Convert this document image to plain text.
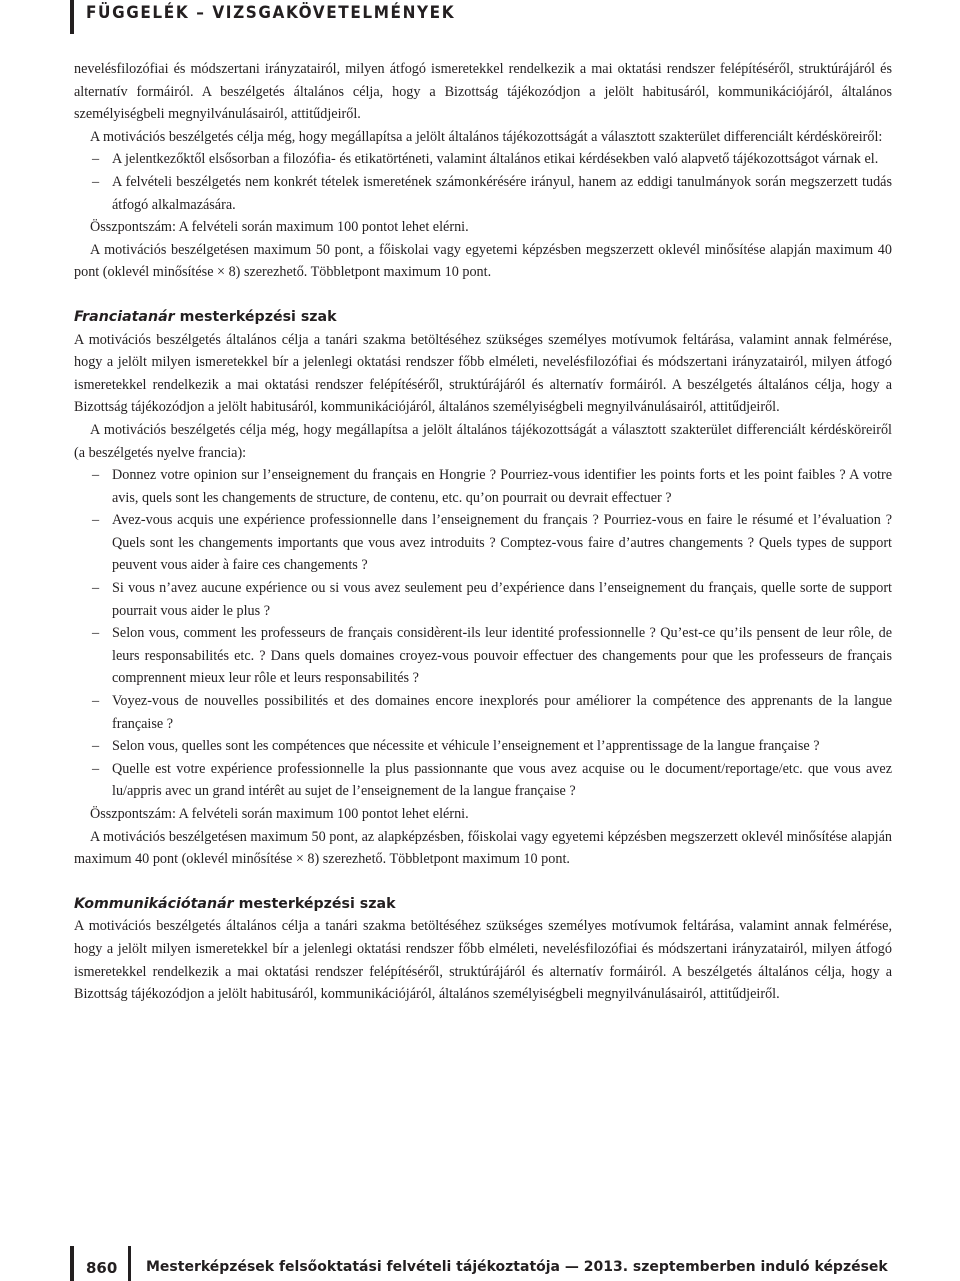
FÜGGELÉK – VIZSGAKÖVETELMÉNYEK

nevelésfilozófiai és módszertani irányzatairól, milyen átfogó ismeretekkel rendelkezik a mai oktatási rendszer felépítéséről, struktúrájáról és alternatív formáiról. A beszélgetés általános célja, hogy a Bizottság tájékozódjon a jelölt habitusáról, kommunikációjáról, általános személyiségbeli megnyilvánulásairól, attitűdjeiről.

A motivációs beszélgetés célja még, hogy megállapítsa a jelölt általános tájékozottságát a választott szakterület differenciált kérdésköreiről:

– A jelentkezőktől elsősorban a filozófia- és etikatörténeti, valamint általános etikai kérdésekben való alapvető tájékozottságot várnak el.
– A felvételi beszélgetés nem konkrét tételek ismeretének számonkérésére irányul, hanem az eddigi tanulmányok során megszerzett tudás átfogó alkalmazására.

Összpontszám: A felvételi során maximum 100 pontot lehet elérni.

A motivációs beszélgetésen maximum 50 pont, a főiskolai vagy egyetemi képzésben megszerzett oklevél minősítése alapján maximum 40 pont (oklevél minősítése × 8) szerezhető. Többletpont maximum 10 pont.

Franciatanár mesterképzési szak

A motivációs beszélgetés általános célja a tanári szakma betöltéséhez szükséges személyes motívumok feltárása, valamint annak felmérése, hogy a jelölt milyen ismeretekkel bír a jelenlegi oktatási rendszer főbb elméleti, nevelésfilozófiai és módszertani irányzatairól, milyen átfogó ismeretekkel rendelkezik a mai oktatási rendszer felépítéséről, struktúrájáról és alternatív formáiról. A beszélgetés általános célja, hogy a Bizottság tájékozódjon a jelölt habitusáról, kommunikációjáról, általános személyiségbeli megnyilvánulásairól, attitűdjeiről.

A motivációs beszélgetés célja még, hogy megállapítsa a jelölt általános tájékozottságát a választott szakterület differenciált kérdésköreiről (a beszélgetés nyelve francia):

– Donnez votre opinion sur l’enseignement du français en Hongrie ? Pourriez-vous identifier les points forts et les point faibles ? A votre avis, quels sont les changements de structure, de contenu, etc. qu’on pourrait ou devrait effectuer ?
– Avez-vous acquis une expérience professionnelle dans l’enseignement du français ? Pourriez-vous en faire le résumé et l’évaluation ? Quels sont les changements importants que vous avez introduits ? Comptez-vous faire d’autres changements ? Quels types de support peuvent vous aider à faire ces changements ?
– Si vous n’avez aucune expérience ou si vous avez seulement peu d’expérience dans l’enseignement du français, quelle sorte de support pourrait vous aider le plus ?
– Selon vous, comment les professeurs de français considèrent-ils leur identité professionnelle ? Qu’est-ce qu’ils pensent de leur rôle, de leurs responsabilités etc. ? Dans quels domaines croyez-vous pouvoir effectuer des changements pour que les professeurs de français comprennent mieux leur rôle et leurs responsabilités ?
– Voyez-vous de nouvelles possibilités et des domaines encore inexplorés pour améliorer la compétence des apprenants de la langue française ?
– Selon vous, quelles sont les compétences que nécessite et véhicule l’enseignement et l’apprentissage de la langue française ?
– Quelle est votre expérience professionnelle la plus passionnante que vous avez acquise ou le document/reportage/etc. que vous avez lu/appris avec un grand intérêt au sujet de l’enseignement de la langue française ?

Összpontszám: A felvételi során maximum 100 pontot lehet elérni.

A motivációs beszélgetésen maximum 50 pont, az alapképzésben, főiskolai vagy egyetemi képzésben megszerzett oklevél minősítése alapján maximum 40 pont (oklevél minősítése × 8) szerezhető. Többletpont maximum 10 pont.

Kommunikációtanár mesterképzési szak

A motivációs beszélgetés általános célja a tanári szakma betöltéséhez szükséges személyes motívumok feltárása, valamint annak felmérése, hogy a jelölt milyen ismeretekkel bír a jelenlegi oktatási rendszer főbb elméleti, nevelésfilozófiai és módszertani irányzatairól, milyen átfogó ismeretekkel rendelkezik a mai oktatási rendszer felépítéséről, struktúrájáról és alternatív formáiról. A beszélgetés általános célja, hogy a Bizottság tájékozódjon a jelölt habitusáról, kommunikációjáról, általános személyiségbeli megnyilvánulásairól, attitűdjeiről.

860 Mesterképzések felsőoktatási felvételi tájékoztatója — 2013. szeptemberben induló képzések
